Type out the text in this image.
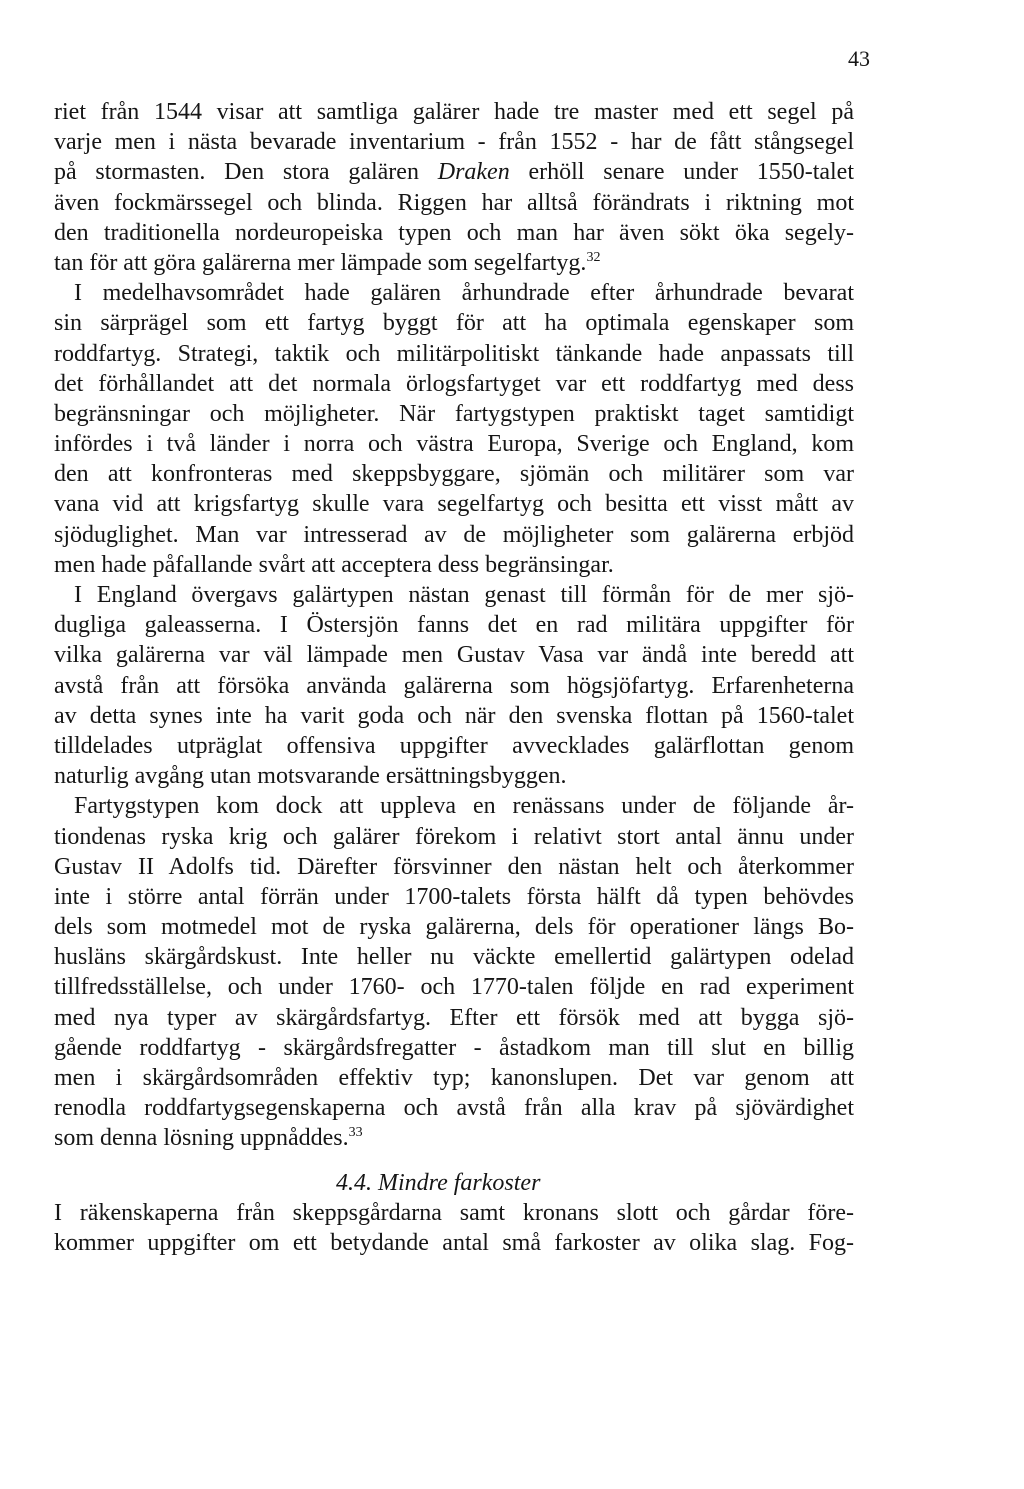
43
riet från 1544 visar att samtliga galärer hade tre master med ett segel på
varje men i nästa bevarade inventarium - från 1552 - har de fått stångsegel
på stormasten. Den stora galären Draken erhöll senare under 1550-talet
även fockmärssegel och blinda. Riggen har alltså förändrats i riktning mot
den traditionella nordeuropeiska typen och man har även sökt öka segely-
tan för att göra galärerna mer lämpade som segelfartyg.$^{32}$
I medelhavsområdet hade galären århundrade efter århundrade bevarat
sin särprägel som ett fartyg byggt för att ha optimala egenskaper som
roddfartyg. Strategi, taktik och militärpolitiskt tänkande hade anpassats till
det förhållandet att det normala örlogsfartyget var ett roddfartyg med dess
begränsningar och möjligheter. När fartygstypen praktiskt taget samtidigt
infördes i två länder i norra och västra Europa, Sverige och England, kom
den att konfronteras med skeppsbyggare, sjömän och militärer som var
vana vid att krigsfartyg skulle vara segelfartyg och besitta ett visst mått av
sjöduglighet. Man var intresserad av de möjligheter som galärerna erbjöd
men hade påfallande svårt att acceptera dess begränsingar.
I England övergavs galärtypen nästan genast till förmån för de mer sjö-
dugliga galeasserna. I Östersjön fanns det en rad militära uppgifter för
vilka galärerna var väl lämpade men Gustav Vasa var ändå inte beredd att
avstå från att försöka använda galärerna som högsjöfartyg. Erfarenheterna
av detta synes inte ha varit goda och när den svenska flottan på 1560-talet
tilldelades utpräglat offensiva uppgifter avvecklades galärflottan genom
naturlig avgång utan motsvarande ersättningsbyggen.
Fartygstypen kom dock att uppleva en renässans under de följande år-
tiondenas ryska krig och galärer förekom i relativt stort antal ännu under
Gustav II Adolfs tid. Därefter försvinner den nästan helt och återkommer
inte i större antal förrän under 1700-talets första hälft då typen behövdes
dels som motmedel mot de ryska galärerna, dels för operationer längs Bo-
husläns skärgårdskust. Inte heller nu väckte emellertid galärtypen odelad
tillfredsställelse, och under 1760- och 1770-talen följde en rad experiment
med nya typer av skärgårdsfartyg. Efter ett försök med att bygga sjö-
gående roddfartyg - skärgårdsfregatter - åstadkom man till slut en billig
men i skärgårdsområden effektiv typ; kanonslupen. Det var genom att
renodla roddfartygsegenskaperna och avstå från alla krav på sjövärdighet
som denna lösning uppnåddes.$^{33}$
4.4. Mindre farkoster
I räkenskaperna från skeppsgårdarna samt kronans slott och gårdar före-
kommer uppgifter om ett betydande antal små farkoster av olika slag. Fog-
